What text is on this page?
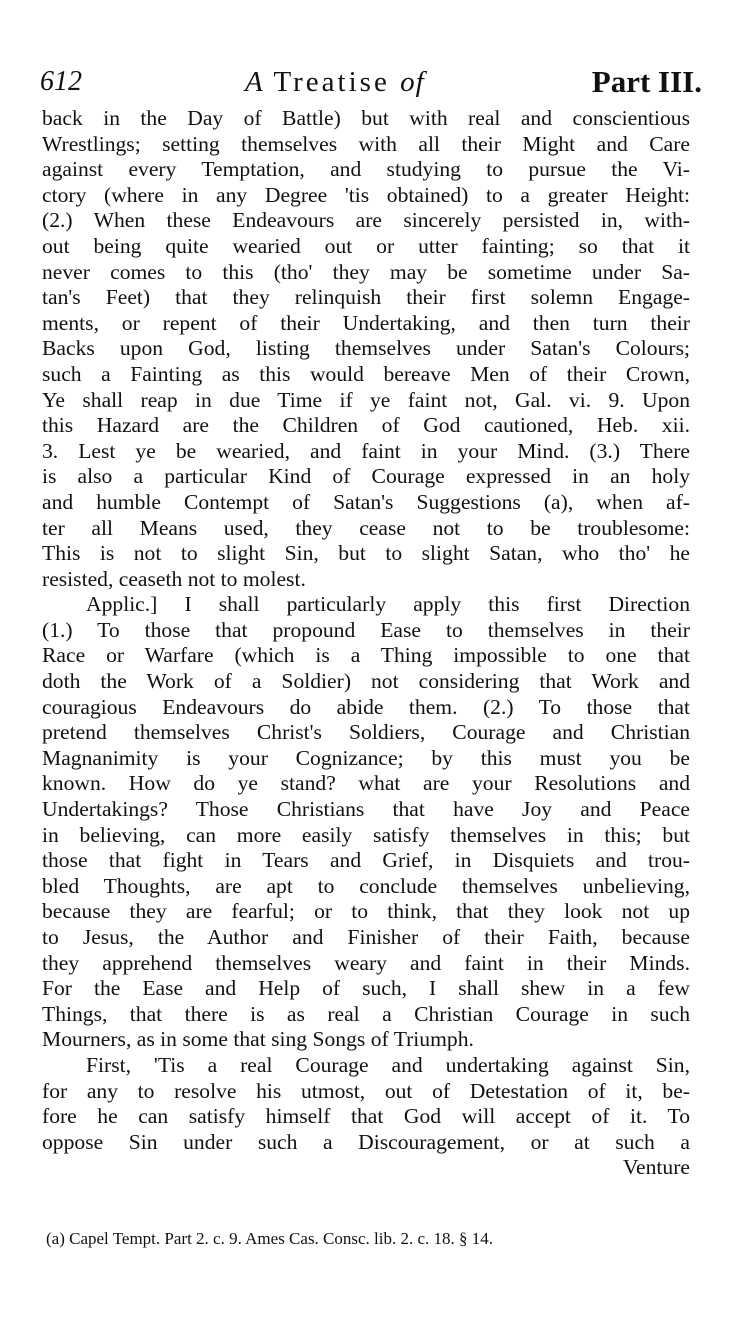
612	A Treatise of	Part III.
back in the Day of Battle) but with real and conscientious
Wrestlings; setting themselves with all their Might and Care
against every Temptation, and studying to pursue the Vi-
ctory (where in any Degree 'tis obtained) to a greater Height:
(2.) When these Endeavours are sincerely persisted in, with-
out being quite wearied out or utter fainting; so that it
never comes to this (tho' they may be sometime under Sa-
tan's Feet) that they relinquish their first solemn Engage-
ments, or repent of their Undertaking, and then turn their
Backs upon God, listing themselves under Satan's Colours;
such a Fainting as this would bereave Men of their Crown,
Ye shall reap in due Time if ye faint not, Gal. vi. 9. Upon
this Hazard are the Children of God cautioned, Heb. xii.
3. Lest ye be wearied, and faint in your Mind. (3.) There
is also a particular Kind of Courage expressed in an holy
and humble Contempt of Satan's Suggestions (a), when af-
ter all Means used, they cease not to be troublesome:
This is not to slight Sin, but to slight Satan, who tho' he
resisted, ceaseth not to molest.
Applic.] I shall particularly apply this first Direction
(1.) To those that propound Ease to themselves in their
Race or Warfare (which is a Thing impossible to one that
doth the Work of a Soldier) not considering that Work and
couragious Endeavours do abide them. (2.) To those that
pretend themselves Christ's Soldiers, Courage and Christian
Magnanimity is your Cognizance; by this must you be
known. How do ye stand? what are your Resolutions and
Undertakings? Those Christians that have Joy and Peace
in believing, can more easily satisfy themselves in this; but
those that fight in Tears and Grief, in Disquiets and trou-
bled Thoughts, are apt to conclude themselves unbelieving,
because they are fearful; or to think, that they look not up
to Jesus, the Author and Finisher of their Faith, because
they apprehend themselves weary and faint in their Minds.
For the Ease and Help of such, I shall shew in a few
Things, that there is as real a Christian Courage in such
Mourners, as in some that sing Songs of Triumph.
First, 'Tis a real Courage and undertaking against Sin,
for any to resolve his utmost, out of Detestation of it, be-
fore he can satisfy himself that God will accept of it. To
oppose Sin under such a Discouragement, or at such a
Venture
(a) Capel Tempt. Part 2. c. 9. Ames Cas. Consc. lib. 2. c. 18. § 14.
